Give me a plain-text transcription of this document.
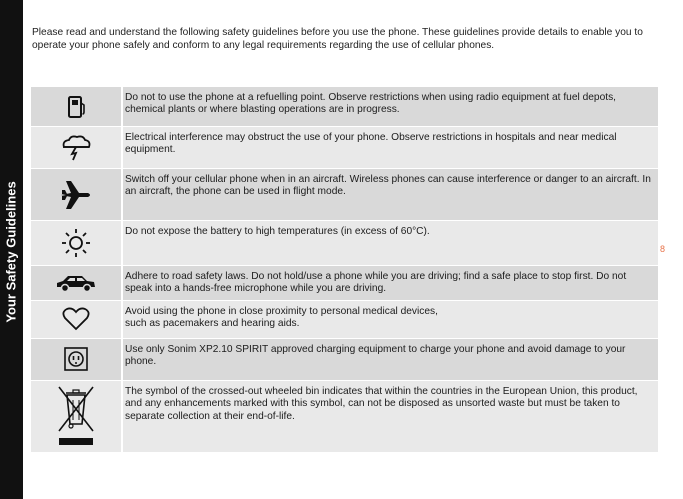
Your Safety Guidelines
Please read and understand the following safety guidelines before you use the phone. These guidelines provide details to enable you to operate your phone safely and conform to any legal requirements regarding the use of cellular phones.
8
	Do not to use the phone at a refuelling point. Observe restrictions when using radio equipment at fuel depots, chemical plants or where blasting operations are in progress.

	Electrical interference may obstruct the use of your phone. Observe restrictions in hospitals and near medical equipment.

	Switch off your cellular phone when in an aircraft. Wireless phones can cause interference or danger to an aircraft. In an aircraft, the phone can be used in flight mode.

	Do not expose the battery to high temperatures (in excess of 60°C).

	Adhere to road safety laws. Do not hold/use a phone while you are driving; find a safe place to stop first. Do not speak into a hands-free microphone while you are driving.

	Avoid using the phone in close proximity to personal medical devices,
such as pacemakers and hearing aids.

	Use only Sonim XP2.10 SPIRIT approved charging equipment to charge your phone and avoid damage to your phone.

	The symbol of the crossed-out wheeled bin indicates that within the countries in the European Union, this product, and any enhancements marked with this symbol, can not be disposed as unsorted waste but must be taken to separate collection at their end-of-life.
